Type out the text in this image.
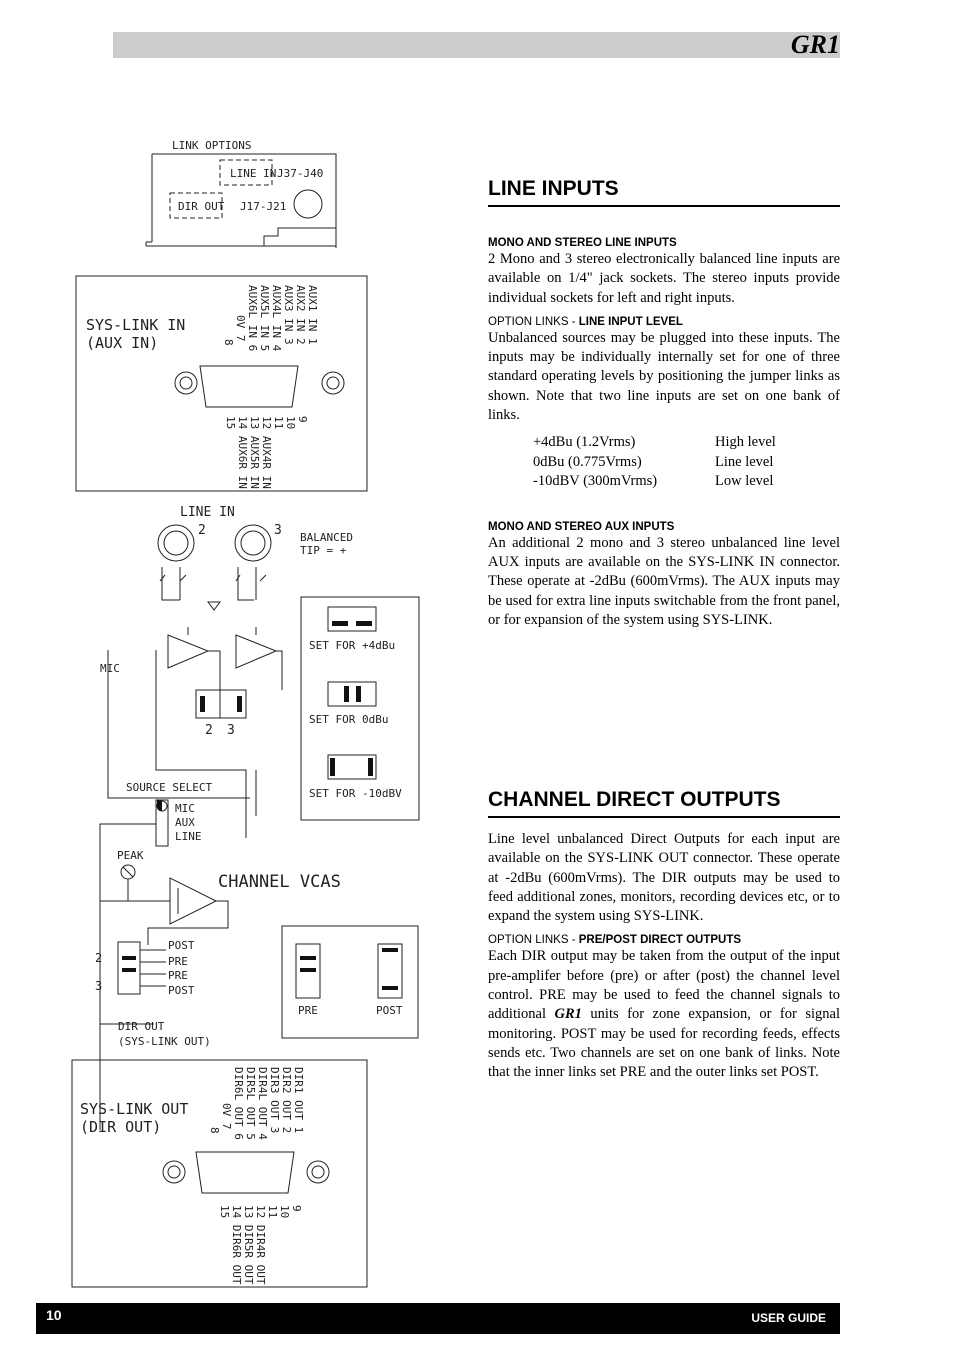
GR1
LINK OPTIONS
LINE IN J37-J40
DIR OUT J17-J21
SYS-LINK IN
(AUX IN)
LINE IN
2	3 BALANCED
TIP = +
MIC
2 3
SET FOR +4dBu
SET FOR 0dBu
SET FOR -10dBV
SOURCE SELECT
MIC
AUX
LINE
PEAK
CHANNEL VCAS
POST
PRE
PRE
POST
2
3
DIR OUT
(SYS-LINK OUT)
PRE	POST
SYS-LINK OUT
(DIR OUT)
AUX1 IN 1
AUX2 IN 2
AUX3 IN 3
AUX4L IN 4
AUX5L IN 5
AUX6L IN 6
0V 7
8
9
10
11
12 AUX4R IN
13 AUX5R IN
14 AUX6R IN
15
DIR1 OUT 1
DIR2 OUT 2
DIR3 OUT 3
DIR4L OUT 4
DIR5L OUT 5
DIR6L OUT 6
0V 7
8
9
10
11
12 DIR4R OUT
13 DIR5R OUT
14 DIR6R OUT
15
LINE INPUTS
MONO AND STEREO LINE INPUTS

2 Mono and 3 stereo electronically balanced line inputs are available on 1/4" jack sockets. The stereo inputs provide individual sockets for left and right inputs.

OPTION LINKS - LINE INPUT LEVEL

Unbalanced sources may be plugged into these inputs. The inputs may be individually internally set for one of three standard operating levels by positioning the jumper links as shown. Note that two line inputs are set on one bank of links.

+4dBu (1.2Vrms)	High level
0dBu (0.775Vrms)	Line level
-10dBV (300mVrms)	Low level
MONO AND STEREO AUX INPUTS

An additional 2 mono and 3 stereo unbalanced line level AUX inputs are available on the SYS-LINK IN connector. These operate at -2dBu (600mVrms). The AUX inputs may be used for extra line inputs switchable from the front panel, or for expansion of the system using SYS-LINK.

CHANNEL DIRECT OUTPUTS

Line level unbalanced Direct Outputs for each input are available on the SYS-LINK OUT connector. These operate at -2dBu (600mVrms). The DIR outputs may be used to feed additional zones, monitors, recording devices etc, or to expand the system using SYS-LINK.

OPTION LINKS - PRE/POST DIRECT OUTPUTS

Each DIR output may be taken from the output of the input pre-amplifer before (pre) or after (post) the channel level control. PRE may be used to feed the channel signals to additional GR1 units for zone expansion, or for signal monitoring. POST may be used for recording feeds, effects sends etc. Two channels are set on one bank of links. Note that the inner links set PRE and the outer links set POST.

10	USER GUIDE
